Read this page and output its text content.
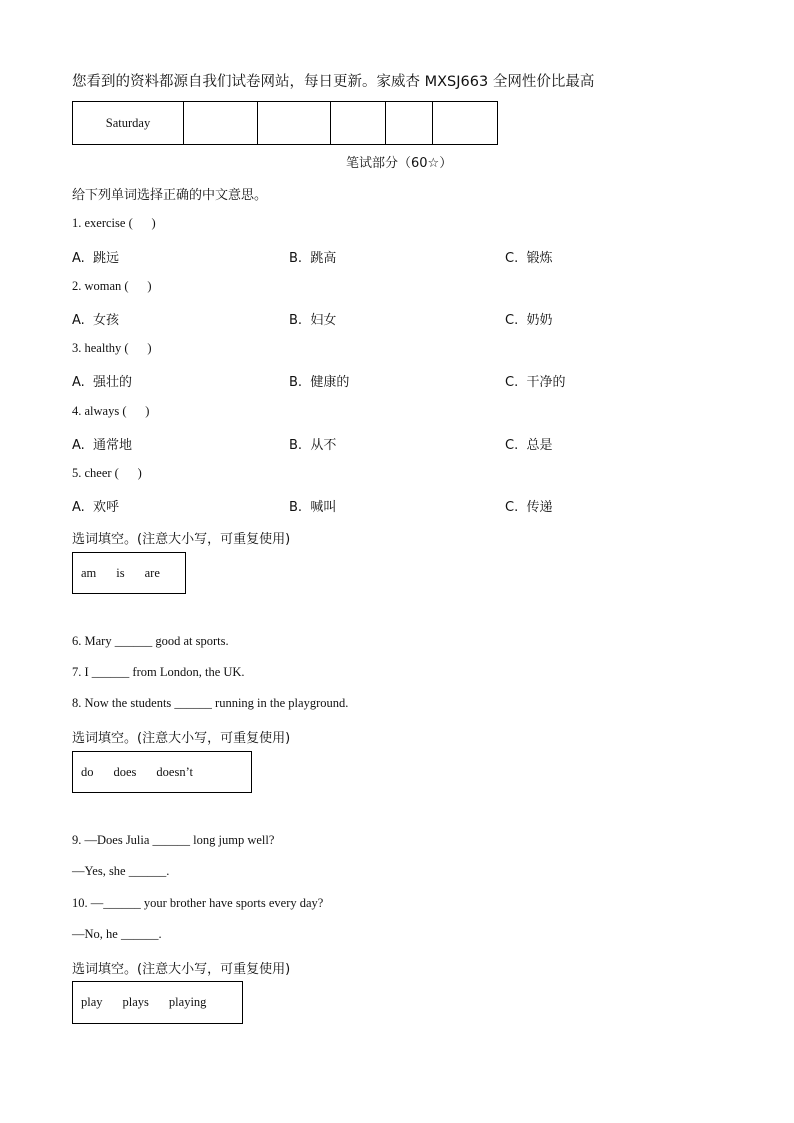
您看到的资料都源自我们试卷网站，每日更新。家威杏 MXSJ663 全网性价比最高
Saturday					
笔试部分（60☆）
给下列单词选择正确的中文意思。
1. exercise (      )
A.  跳远	B.  跳高	C.  锻炼
2. woman (      )
A.  女孩	B.  妇女	C.  奶奶
3. healthy (      )
A.  强壮的	B.  健康的	C.  干净的
4. always (      )
A.  通常地	B.  从不	C.  总是
5. cheer (      )
A.  欢呼	B.  喊叫	C.  传递
选词填空。(注意大小写，可重复使用)
am is are
6. Mary ______ good at sports.
7. I ______ from London, the UK.
8. Now the students ______ running in the playground.
选词填空。(注意大小写，可重复使用)
do does doesn’t
9. —Does Julia ______ long jump well?
—Yes, she ______.
10. —______ your brother have sports every day?
—No, he ______.
选词填空。(注意大小写，可重复使用)
play plays playing
